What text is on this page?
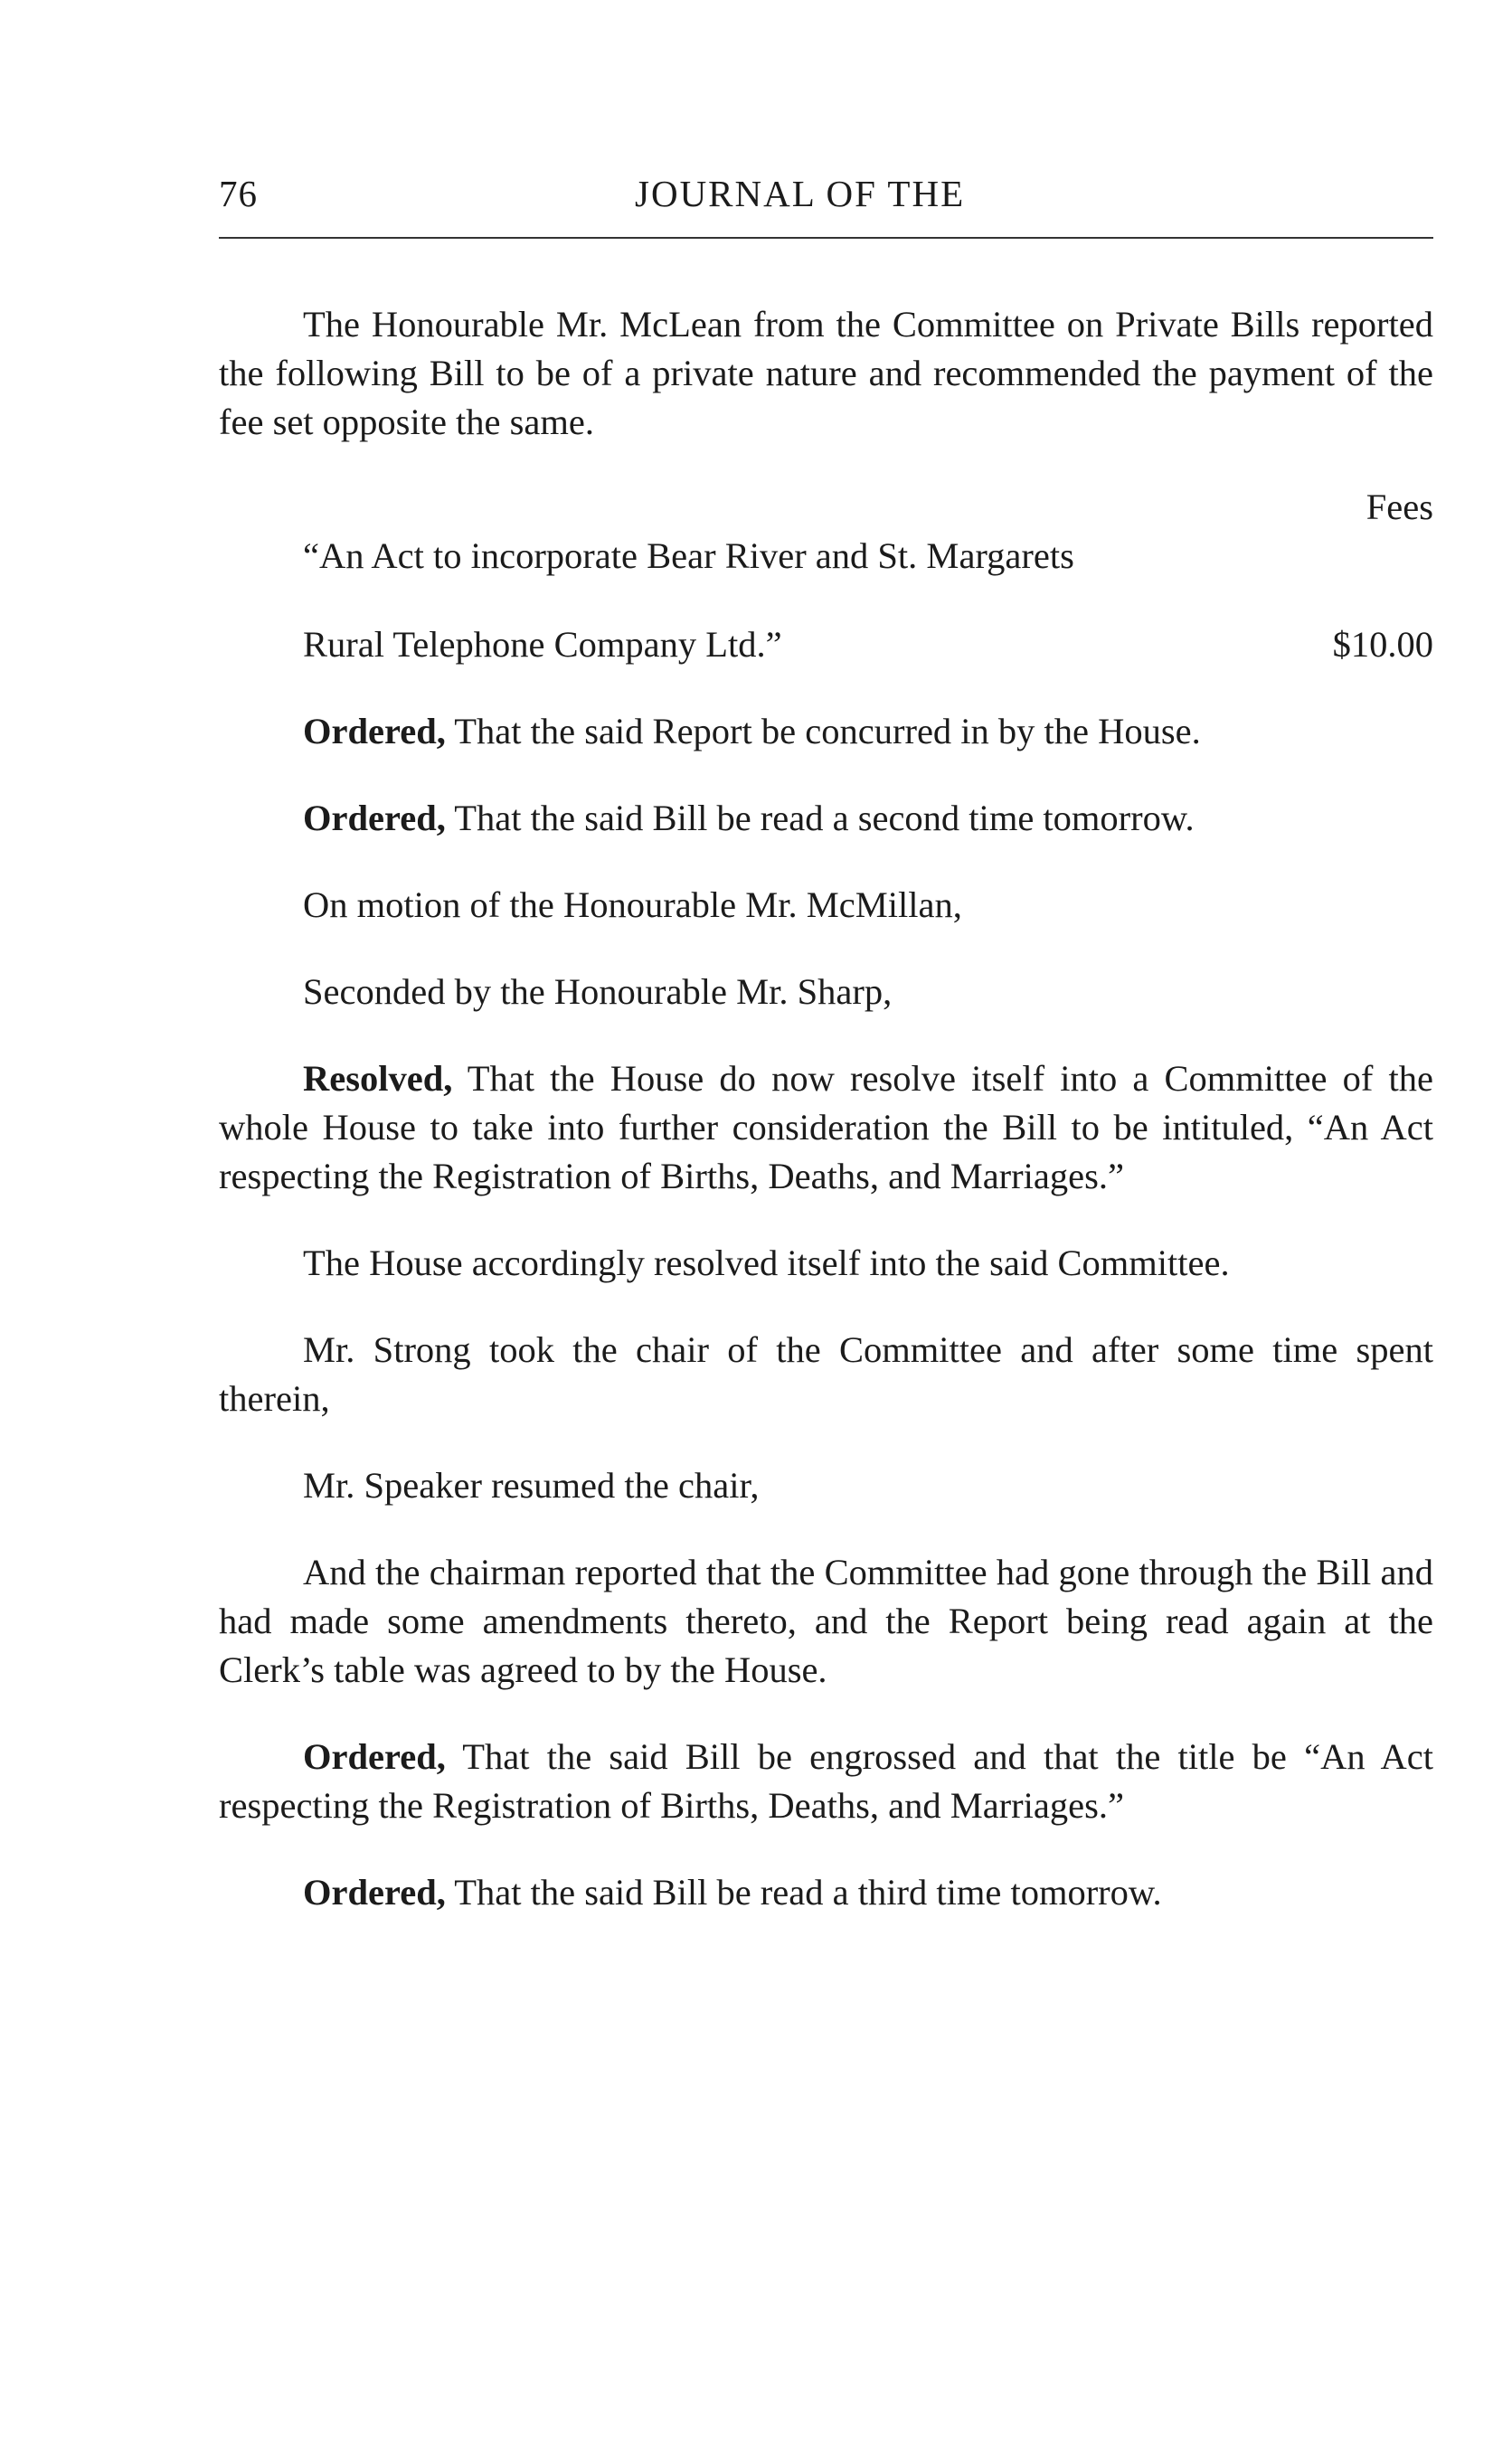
76	JOURNAL OF THE

The Honourable Mr. McLean from the Committee on Private Bills reported the following Bill to be of a private nature and recommended the payment of the fee set opposite the same.

Fees
“An Act to incorporate Bear River and St. Margarets
Rural Telephone Company Ltd.”	$10.00

Ordered, That the said Report be concurred in by the House.

Ordered, That the said Bill be read a second time tomorrow.

On motion of the Honourable Mr. McMillan,

Seconded by the Honourable Mr. Sharp,

Resolved, That the House do now resolve itself into a Committee of the whole House to take into further consideration the Bill to be intituled, “An Act respecting the Registration of Births, Deaths, and Marriages.”

The House accordingly resolved itself into the said Committee.

Mr. Strong took the chair of the Committee and after some time spent therein,

Mr. Speaker resumed the chair,

And the chairman reported that the Committee had gone through the Bill and had made some amendments thereto, and the Report being read again at the Clerk’s table was agreed to by the House.

Ordered, That the said Bill be engrossed and that the title be “An Act respecting the Registration of Births, Deaths, and Marriages.”

Ordered, That the said Bill be read a third time tomorrow.
